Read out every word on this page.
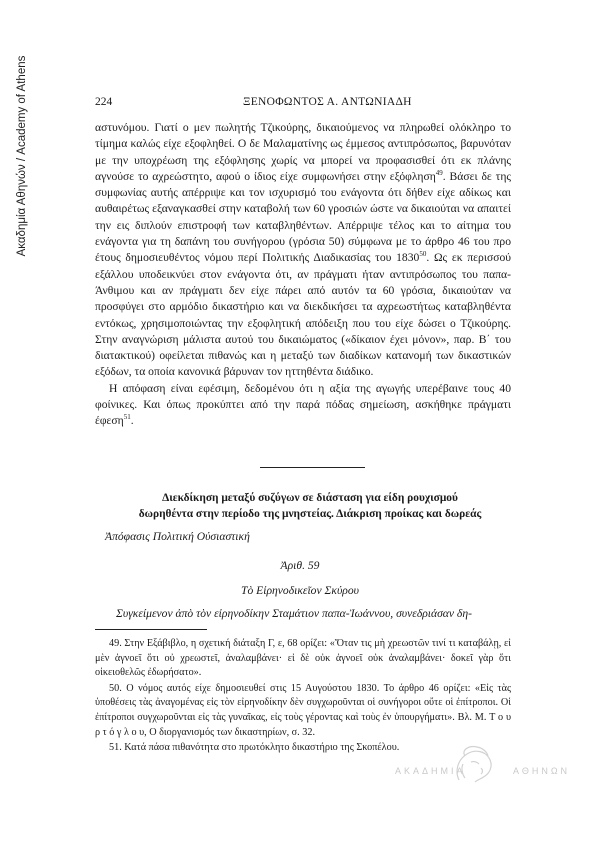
Ακαδημία Αθηνών / Academy of Athens	224	ΞΕΝΟΦΩΝΤΟΣ Α. ΑΝΤΩΝΙΑΔΗ

αστυνόμου. Γιατί ο μεν πωλητής Τζικούρης, δικαιούμενος να πληρωθεί ολόκληρο το τίμημα καλώς είχε εξοφληθεί. Ο δε Μαλαματίνης ως έμμεσος αντιπρόσωπος, βαρυνόταν με την υποχρέωση της εξόφλησης χωρίς να μπορεί να προφασισθεί ότι εκ πλάνης αγνούσε το αχρεώστητο, αφού ο ίδιος είχε συμφωνήσει στην εξόφληση$^{49}$. Βάσει δε της συμφωνίας αυτής απέρριψε και τον ισχυρισμό του ενάγοντα ότι δήθεν είχε αδίκως και αυθαιρέτως εξαναγκασθεί στην καταβολή των 60 γροσιών ώστε να δικαιούται να απαιτεί την εις διπλούν επιστροφή των καταβληθέντων. Απέρριψε τέλος και το αίτημα του ενάγοντα για τη δαπάνη του συνήγορου (γρόσια 50) σύμφωνα με το άρθρο 46 του προ έτους δημοσιευθέντος νόμου περί Πολιτικής Διαδικασίας του 1830$^{50}$. Ως εκ περισσού εξάλλου υποδεικνύει στον ενάγοντα ότι, αν πράγματι ήταν αντιπρόσωπος του παπα-Άνθιμου και αν πράγματι δεν είχε πάρει από αυτόν τα 60 γρόσια, δικαιούταν να προσφύγει στο αρμόδιο δικαστήριο και να διεκδικήσει τα αχρεωστήτως καταβληθέντα εντόκως, χρησιμοποιώντας την εξοφλητική απόδειξη που του είχε δώσει ο Τζικούρης. Στην αναγνώριση μάλιστα αυτού του δικαιώματος («δίκαιον έχει μόνον», παρ. Β΄ του διατακτικού) οφείλεται πιθανώς και η μεταξύ των διαδίκων κατανομή των δικαστικών εξόδων, τα οποία κανονικά βάρυναν τον ηττηθέντα διάδικο.

Η απόφαση είναι εφέσιμη, δεδομένου ότι η αξία της αγωγής υπερέβαινε τους 40 φοίνικες. Και όπως προκύπτει από την παρά πόδας σημείωση, ασκήθηκε πράγματι έφεση$^{51}$.

Διεκδίκηση μεταξύ συζύγων σε διάσταση για είδη ρουχισμού
δωρηθέντα στην περίοδο της μνηστείας. Διάκριση προίκας και δωρεάς
Ἀπόφασις Πολιτική Ούσιαστική
Ἀριθ. 59
Τὸ Εἰρηνοδικεῖον Σκύρου
Συγκείμενον ἀπὸ τὸν εἰρηνοδίκην Σταμάτιον παπα-Ἰωάννου, συνεδριάσαν δη-

49. Στην Εξάβιβλο, η σχετική διάταξη Γ, ε, 68 ορίζει: «Ὅταν τις μὴ χρεωστῶν τινί τι καταβάλῃ, εἰ μὲν ἀγνοεῖ ὅτι οὐ χρεωστεῖ, ἀναλαμβάνει· εἰ δὲ οὐκ ἀγνοεῖ οὐκ ἀναλαμβάνει· δοκεῖ γὰρ ὅτι οἰκειοθελῶς ἐδωρήσατο».

50. Ο νόμος αυτός είχε δημοσιευθεί στις 15 Αυγούστου 1830. Το άρθρο 46 ορίζει: «Εἰς τὰς ὑποθέσεις τὰς ἀναγομένας εἰς τὸν εἰρηνοδίκην δὲν συγχωροῦνται οἱ συνήγοροι οὔτε οἱ ἐπίτροποι. Οἱ ἐπίτροποι συγχωροῦνται εἰς τὰς γυναῖκας, εἰς τοὺς γέροντας καὶ τοὺς ἐν ὑπουργήματι». Βλ. Μ. Τ ο υ ρ τ ό γ λ ο υ, Ο διοργανισμός των δικαστηρίων, σ. 32.

51. Κατά πάσα πιθανότητα στο πρωτόκλητο δικαστήριο της Σκοπέλου.

ΑΚΑΔΗΜΙΑ	ΑΘΗΝΩΝ
